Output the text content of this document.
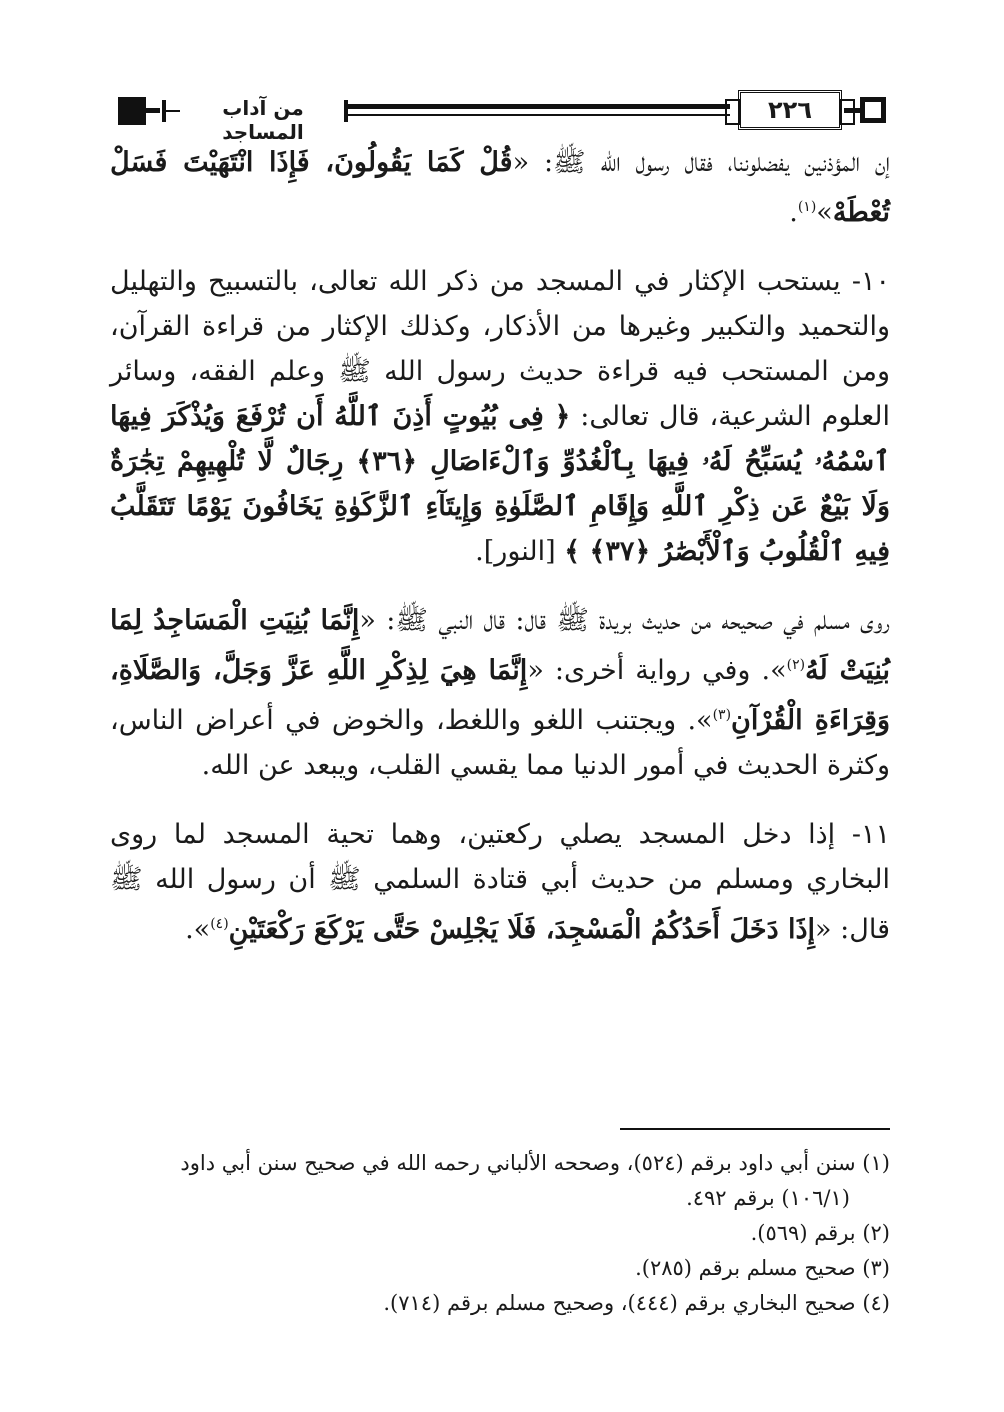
من آداب المساجد
٢٢٦

إن المؤذنين يفضلوننا، فقال رسول الله ﷺ: «قُلْ كَمَا يَقُولُونَ، فَإِذَا انْتَهَيْتَ فَسَلْ تُعْطَهْ»$^{(١)}$.

١٠- يستحب الإكثار في المسجد من ذكر الله تعالى، بالتسبيح والتهليل والتحميد والتكبير وغيرها من الأذكار، وكذلك الإكثار من قراءة القرآن، ومن المستحب فيه قراءة حديث رسول الله ﷺ وعلم الفقه، وسائر العلوم الشرعية، قال تعالى: ﴿ فِى بُيُوتٍ أَذِنَ ٱللَّهُ أَن تُرْفَعَ وَيُذْكَرَ فِيهَا ٱسْمُهُۥ يُسَبِّحُ لَهُۥ فِيهَا بِٱلْغُدُوِّ وَٱلْءَاصَالِ ﴿٣٦﴾ رِجَالٌ لَّا تُلْهِيهِمْ تِجَٰرَةٌ وَلَا بَيْعٌ عَن ذِكْرِ ٱللَّهِ وَإِقَامِ ٱلصَّلَوٰةِ وَإِيتَآءِ ٱلزَّكَوٰةِ يَخَافُونَ يَوْمًا تَتَقَلَّبُ فِيهِ ٱلْقُلُوبُ وَٱلْأَبْصَٰرُ ﴿٣٧﴾ ﴾ [النور].

روى مسلم في صحيحه من حديث بريدة ﷺ قال: قال النبي ﷺ: «إِنَّمَا بُنِيَتِ الْمَسَاجِدُ لِمَا بُنِيَتْ لَهُ$^{(٢)}$». وفي رواية أخرى: «إِنَّمَا هِيَ لِذِكْرِ اللَّهِ عَزَّ وَجَلَّ، وَالصَّلَاةِ، وَقِرَاءَةِ الْقُرْآنِ$^{(٣)}$». ويجتنب اللغو واللغط، والخوض في أعراض الناس، وكثرة الحديث في أمور الدنيا مما يقسي القلب، ويبعد عن الله.

١١- إذا دخل المسجد يصلي ركعتين، وهما تحية المسجد لما روى البخاري ومسلم من حديث أبي قتادة السلمي ﷺ أن رسول الله ﷺ قال: «إِذَا دَخَلَ أَحَدُكُمُ الْمَسْجِدَ، فَلَا يَجْلِسْ حَتَّى يَرْكَعَ رَكْعَتَيْنِ$^{(٤)}$».

(١) سنن أبي داود برقم (٥٢٤)، وصححه الألباني رحمه الله في صحيح سنن أبي داود

(١٠٦/١) برقم ٤٩٢.

(٢) برقم (٥٦٩).

(٣) صحيح مسلم برقم (٢٨٥).

(٤) صحيح البخاري برقم (٤٤٤)، وصحيح مسلم برقم (٧١٤).
